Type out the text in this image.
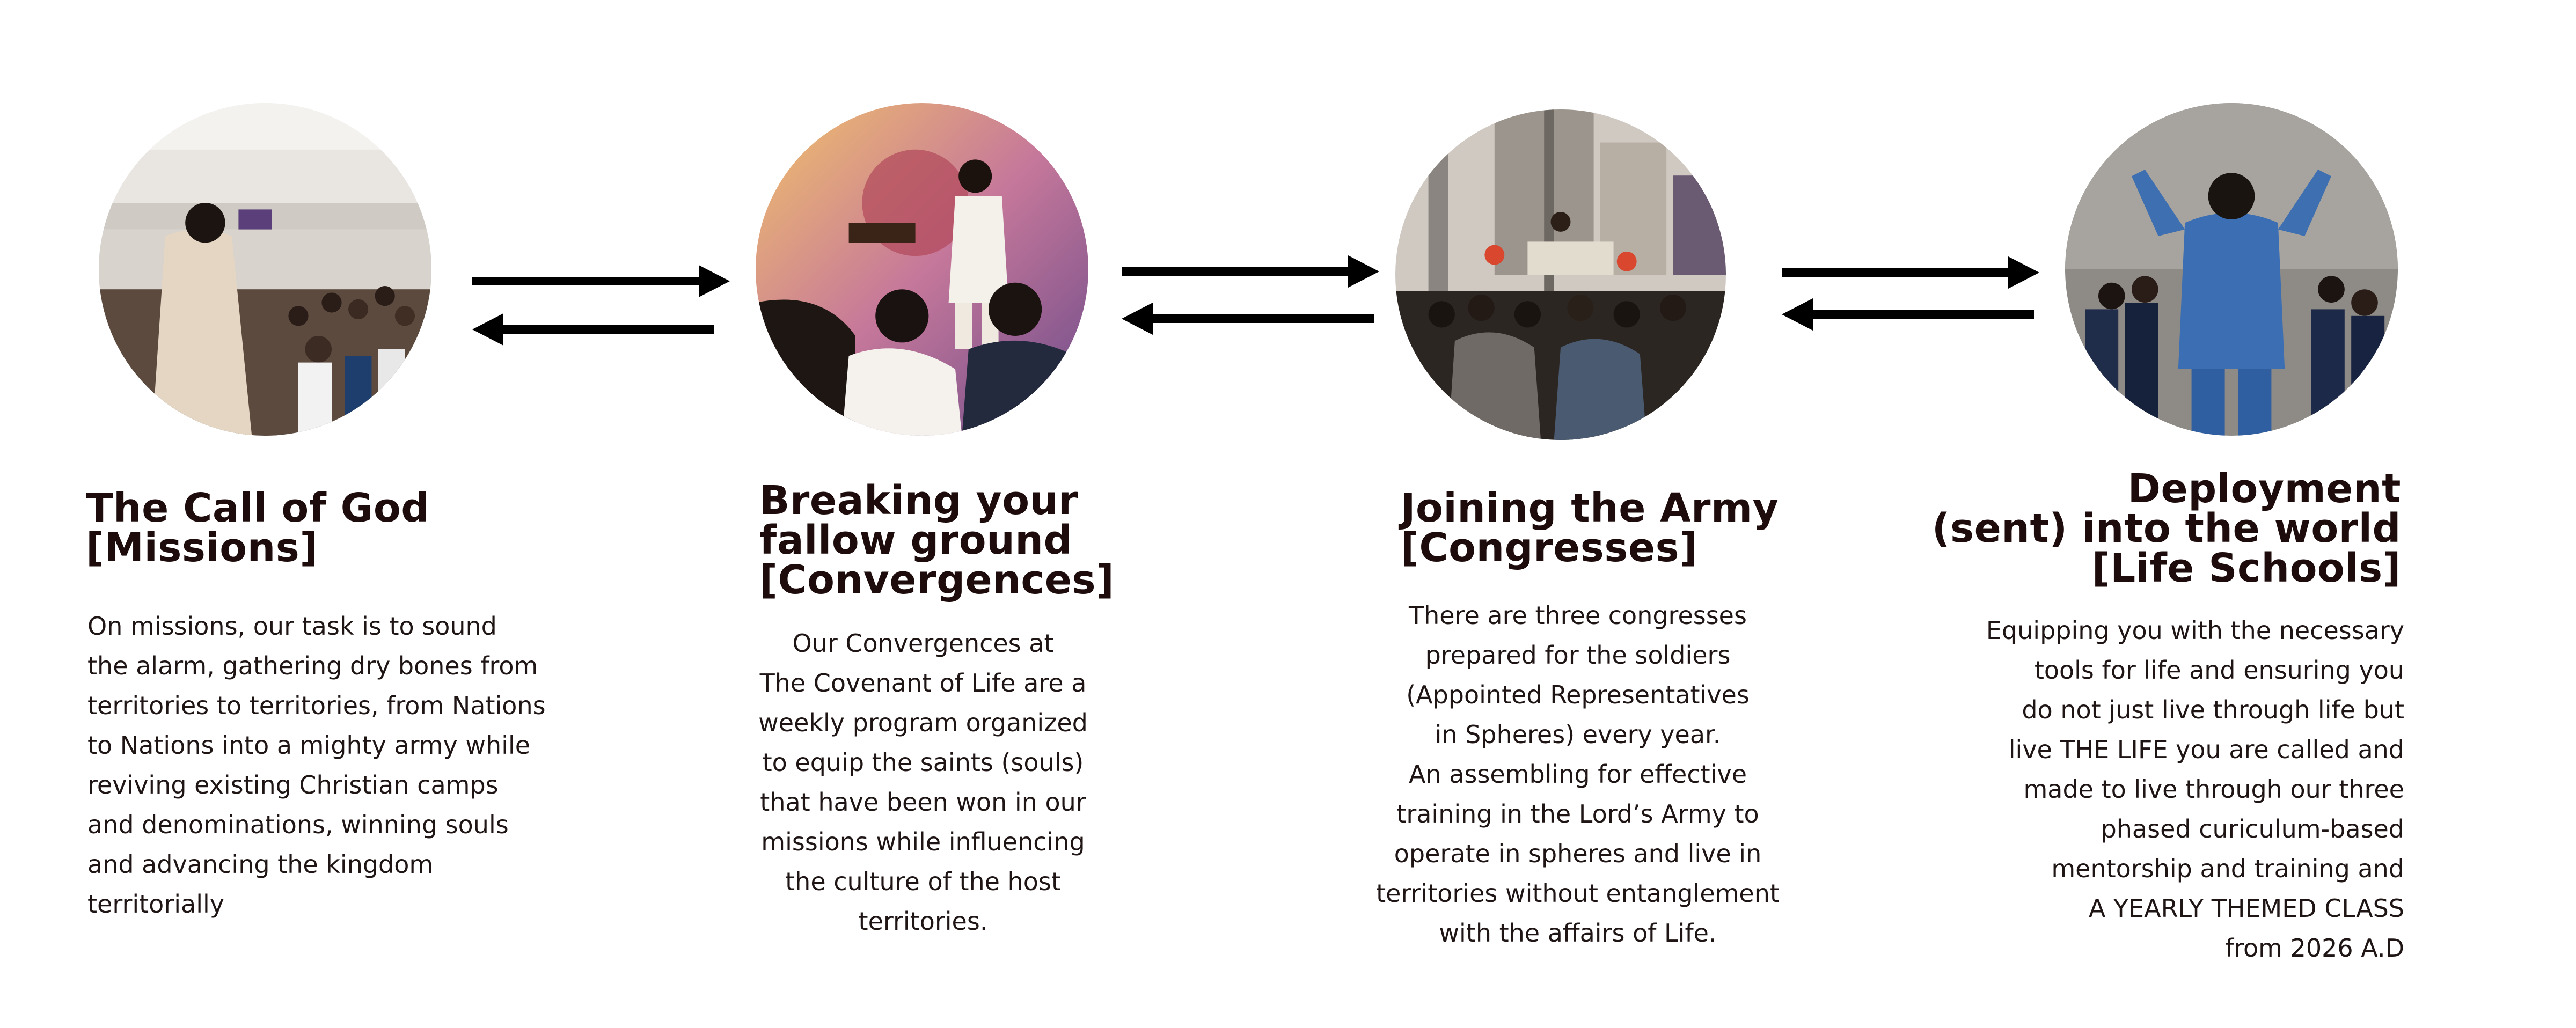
The Call of God
[Missions]
On missions, our task is to sound
the alarm, gathering dry bones from
territories to territories, from Nations
to Nations into a mighty army while
reviving existing Christian camps
and denominations, winning souls
and advancing the kingdom
territorially
Breaking your
fallow ground
[Convergences]
Our Convergences at
The Covenant of Life are a
weekly program organized
to equip the saints (souls)
that have been won in our
missions while influencing
the culture of the host
territories.
Joining the Army
[Congresses]
There are three congresses
prepared for the soldiers
(Appointed Representatives
in Spheres) every year.
An assembling for effective
training in the Lord’s Army to
operate in spheres and live in
territories without entanglement
with the affairs of Life.
Deployment
(sent) into the world
[Life Schools]
Equipping you with the necessary
tools for life and ensuring you
do not just live through life but
live THE LIFE you are called and
made to live through our three
phased curiculum-based
mentorship and training and
A YEARLY THEMED CLASS
from 2026 A.D
